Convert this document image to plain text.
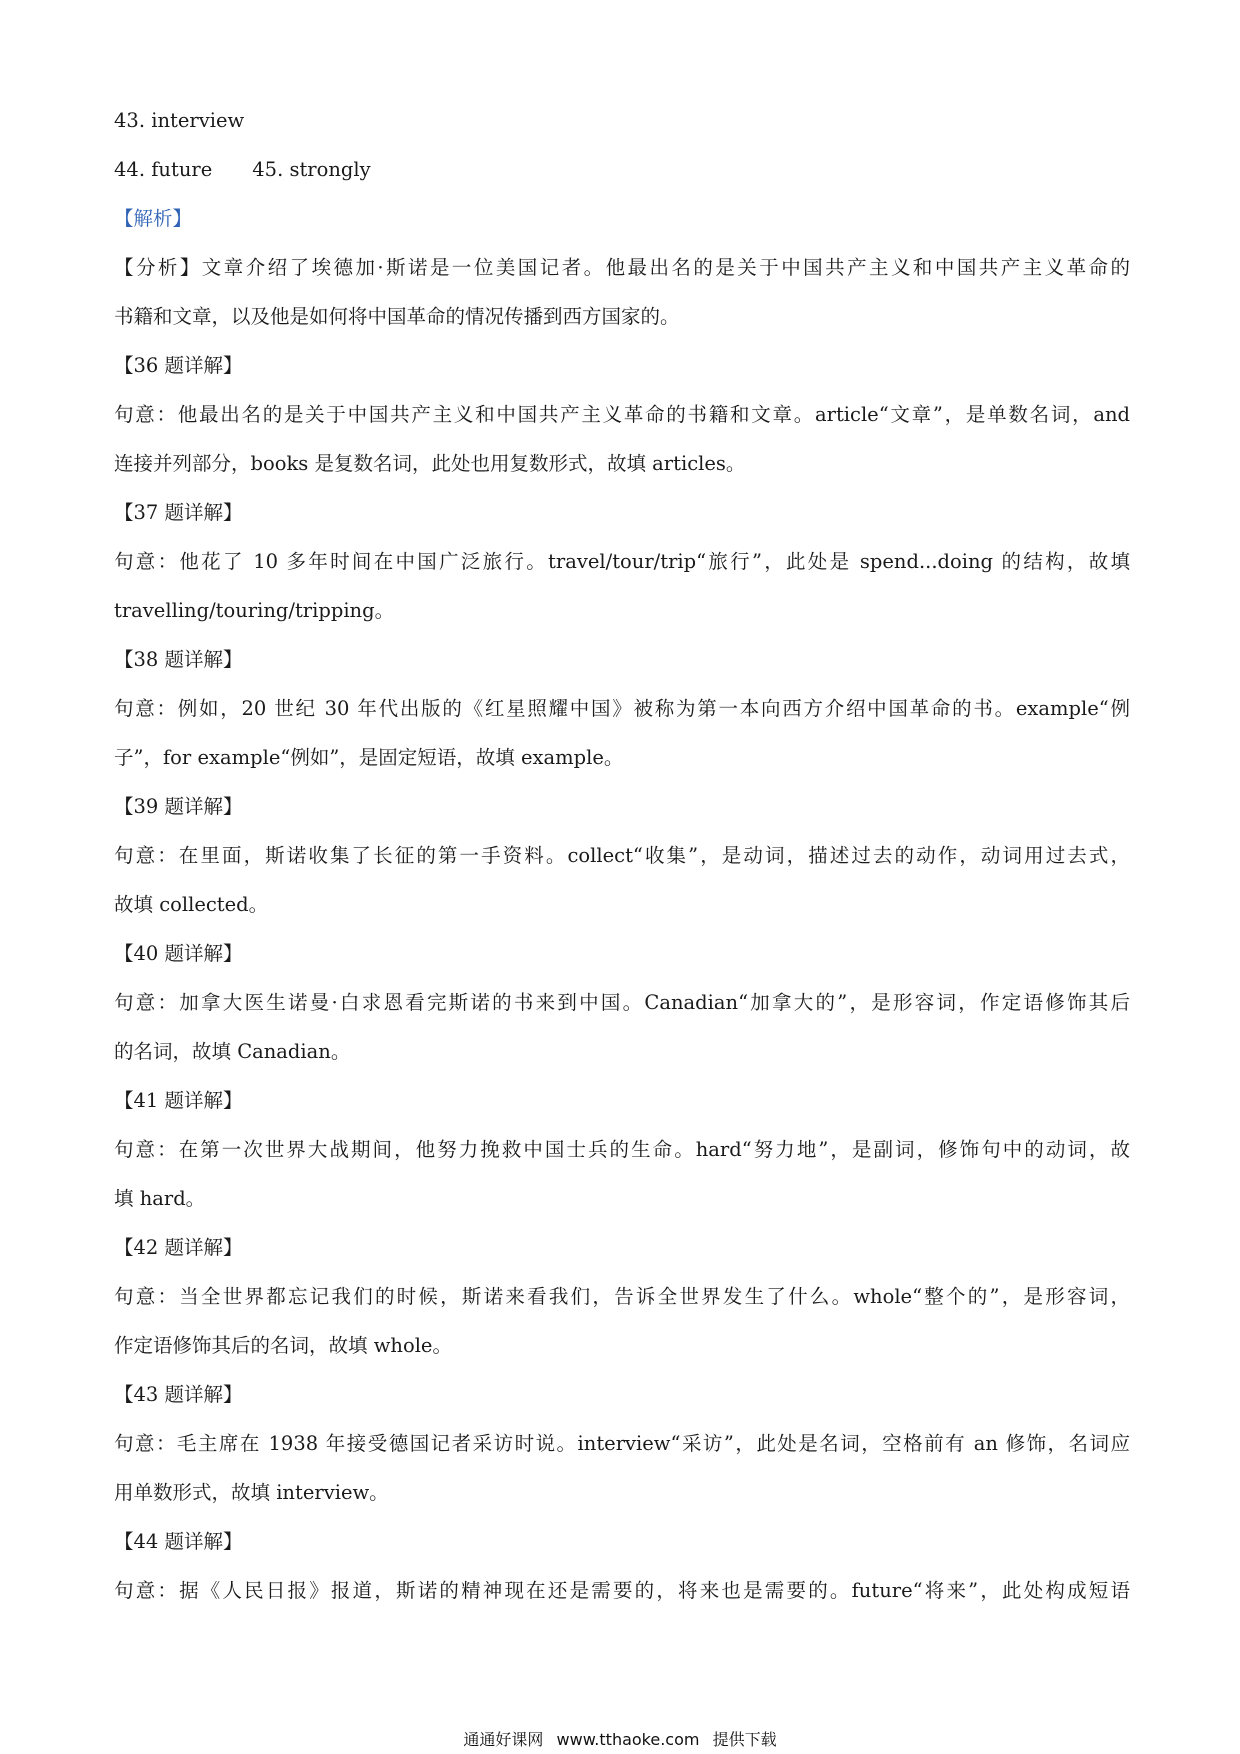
43. interview
44. future 45. strongly
【解析】
【分析】文章介绍了埃德加·斯诺是一位美国记者。他最出名的是关于中国共产主义和中国共产主义革命的
书籍和文章，以及他是如何将中国革命的情况传播到西方国家的。
【36 题详解】
句意：他最出名的是关于中国共产主义和中国共产主义革命的书籍和文章。article“文章”，是单数名词，and
连接并列部分，books 是复数名词，此处也用复数形式，故填 articles。
【37 题详解】
句意：他花了 10 多年时间在中国广泛旅行。travel/tour/trip“旅行”，此处是 spend...doing 的结构，故填
travelling/touring/tripping。
【38 题详解】
句意：例如，20 世纪 30 年代出版的《红星照耀中国》被称为第一本向西方介绍中国革命的书。example“例
子”，for example“例如”，是固定短语，故填 example。
【39 题详解】
句意：在里面，斯诺收集了长征的第一手资料。collect“收集”，是动词，描述过去的动作，动词用过去式，
故填 collected。
【40 题详解】
句意：加拿大医生诺曼·白求恩看完斯诺的书来到中国。Canadian“加拿大的”，是形容词，作定语修饰其后
的名词，故填 Canadian。
【41 题详解】
句意：在第一次世界大战期间，他努力挽救中国士兵的生命。hard“努力地”，是副词，修饰句中的动词，故
填 hard。
【42 题详解】
句意：当全世界都忘记我们的时候，斯诺来看我们，告诉全世界发生了什么。whole“整个的”，是形容词，
作定语修饰其后的名词，故填 whole。
【43 题详解】
句意：毛主席在 1938 年接受德国记者采访时说。interview“采访”，此处是名词，空格前有 an 修饰，名词应
用单数形式，故填 interview。
【44 题详解】
句意：据《人民日报》报道，斯诺的精神现在还是需要的，将来也是需要的。future“将来”，此处构成短语
通通好课网 www.tthaoke.com 提供下载
